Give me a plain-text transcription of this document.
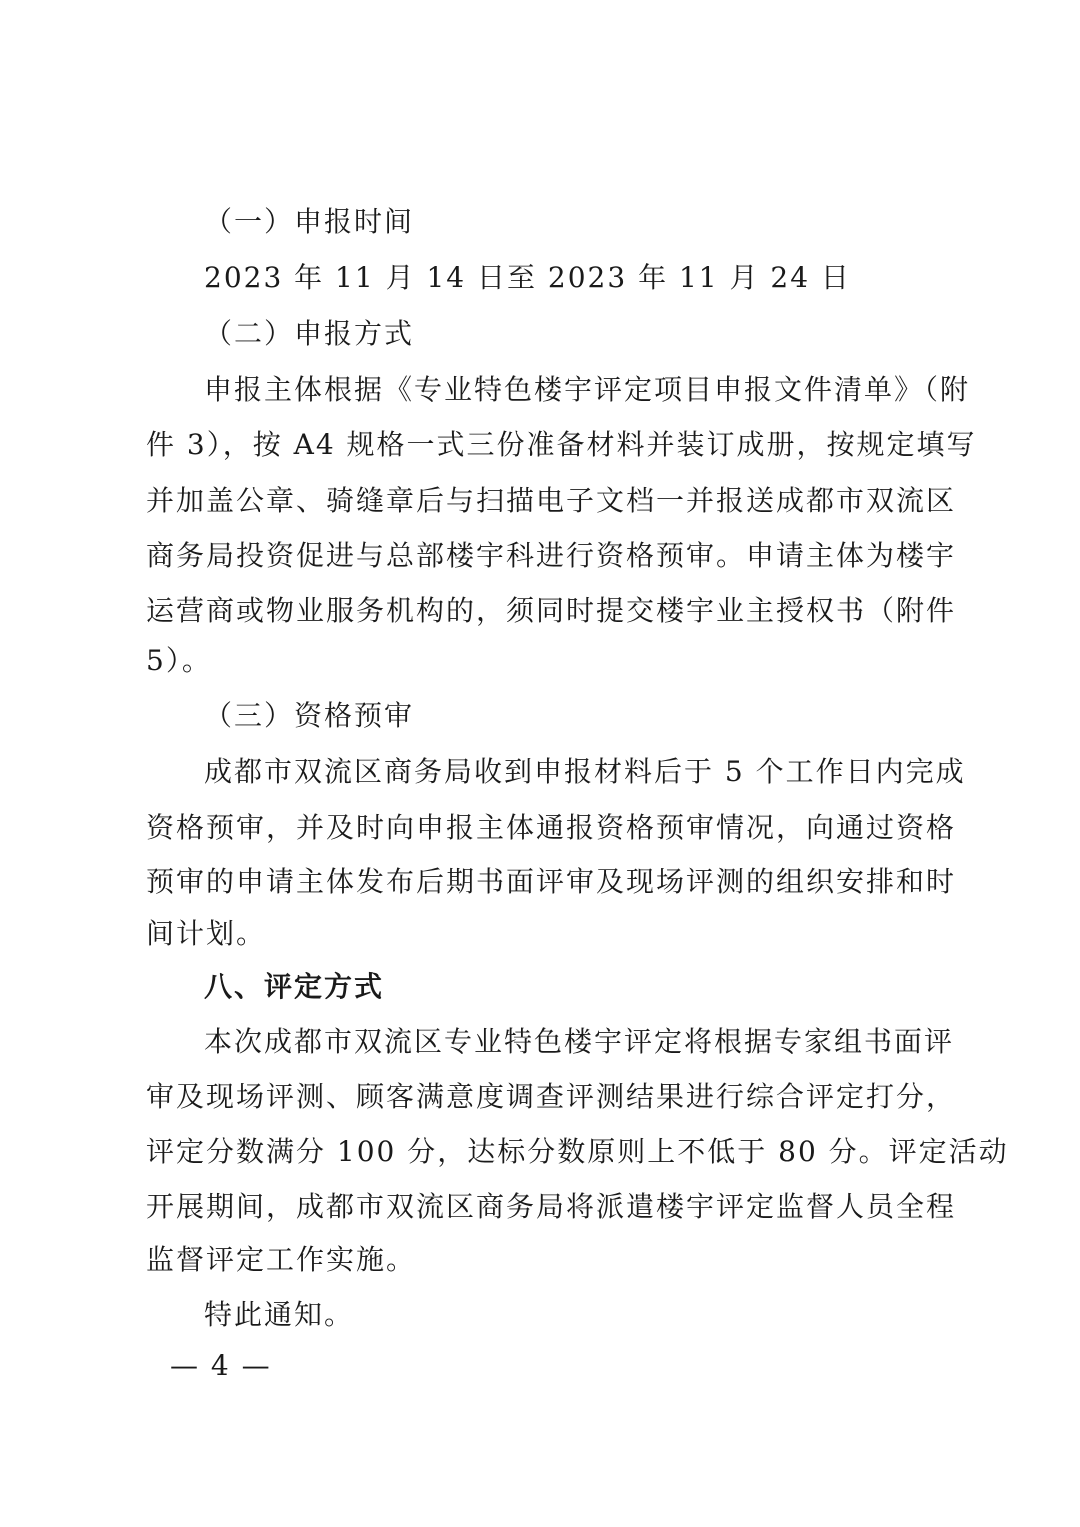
（一）申报时间
2023 年 11 月 14 日至 2023 年 11 月 24 日
（二）申报方式
申报主体根据《专业特色楼宇评定项目申报文件清单》（附
件 3），按 A4 规格一式三份准备材料并装订成册，按规定填写
并加盖公章、骑缝章后与扫描电子文档一并报送成都市双流区
商务局投资促进与总部楼宇科进行资格预审。申请主体为楼宇
运营商或物业服务机构的，须同时提交楼宇业主授权书（附件
5）。
（三）资格预审
成都市双流区商务局收到申报材料后于 5 个工作日内完成
资格预审，并及时向申报主体通报资格预审情况，向通过资格
预审的申请主体发布后期书面评审及现场评测的组织安排和时
间计划。
八、评定方式
本次成都市双流区专业特色楼宇评定将根据专家组书面评
审及现场评测、顾客满意度调查评测结果进行综合评定打分，
评定分数满分 100 分，达标分数原则上不低于 80 分。评定活动
开展期间，成都市双流区商务局将派遣楼宇评定监督人员全程
监督评定工作实施。
特此通知。
— 4 —
